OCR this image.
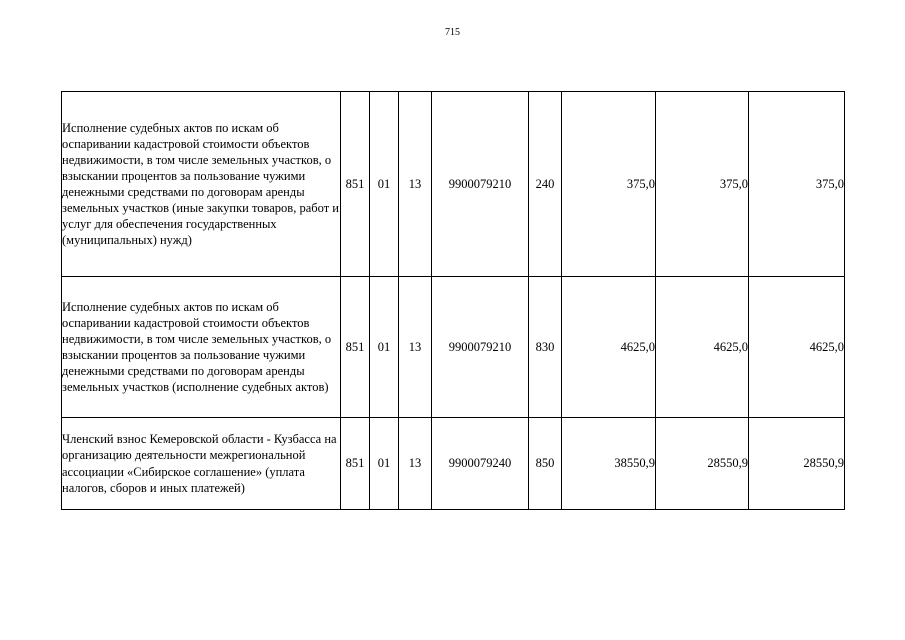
715
Исполнение судебных актов по искам об оспаривании кадастровой стоимости объектов недвижимости, в том числе земельных участков, о взыскании процентов за пользование чужими денежными средствами по договорам аренды земельных участков (иные закупки товаров, работ и услуг для обеспечения государственных (муниципальных) нужд)	851	01	13	9900079210	240	375,0	375,0	375,0
Исполнение судебных актов по искам об оспаривании кадастровой стоимости объектов недвижимости, в том числе земельных участков, о взыскании процентов за пользование чужими денежными средствами по договорам аренды земельных участков (исполнение судебных актов)	851	01	13	9900079210	830	4625,0	4625,0	4625,0
Членский взнос Кемеровской области - Кузбасса на организацию деятельности межрегиональной ассоциации «Сибирское соглашение» (уплата налогов, сборов и иных платежей)	851	01	13	9900079240	850	38550,9	28550,9	28550,9
